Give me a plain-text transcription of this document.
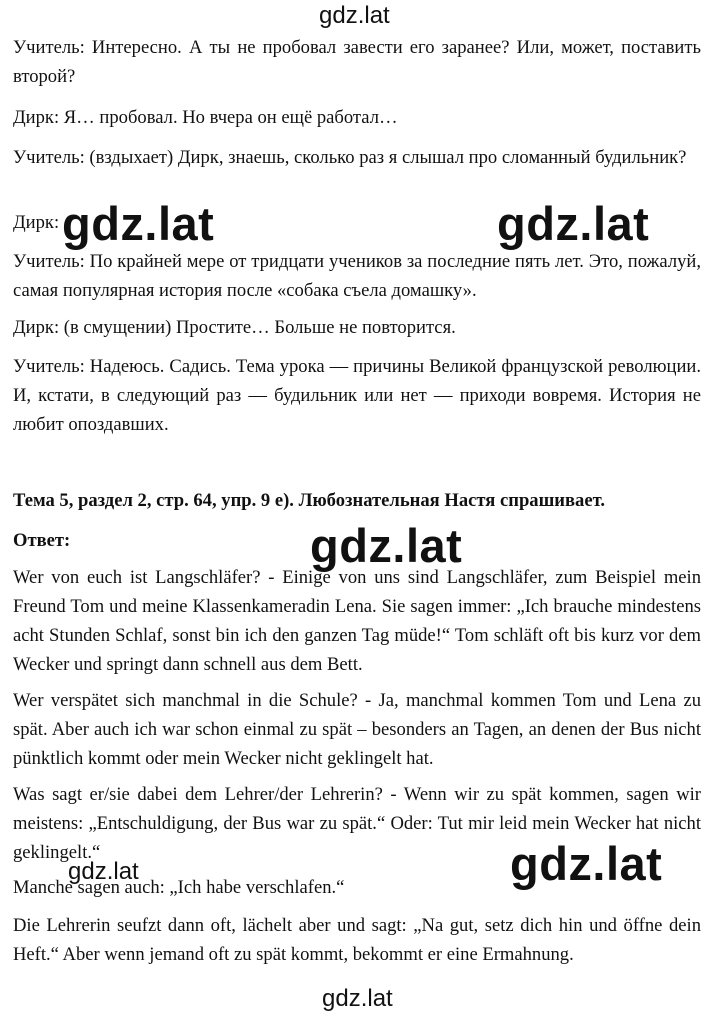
gdz.lat
gdz.lat	gdz.lat
gdz.lat
gdz.lat
gdz.lat
gdz.lat

Учитель: Интересно. А ты не пробовал завести его заранее? Или, может, поставить второй?

Дирк: Я… пробовал. Но вчера он ещё работал…

Учитель: (вздыхает) Дирк, знаешь, сколько раз я слышал про сломанный будильник?

Дирк:

Учитель: По крайней мере от тридцати учеников за последние пять лет. Это, пожалуй, самая популярная история после «собака съела домашку».

Дирк: (в смущении) Простите… Больше не повторится.

Учитель: Надеюсь. Садись. Тема урока — причины Великой французской революции. И, кстати, в следующий раз — будильник или нет — приходи вовремя. История не любит опоздавших.

Тема 5, раздел 2, стр. 64, упр. 9 e). Любознательная Настя спрашивает.

Ответ:

Wer von euch ist Langschläfer? - Einige von uns sind Langschläfer, zum Beispiel mein Freund Tom und meine Klassenkameradin Lena. Sie sagen immer: „Ich brauche mindestens acht Stunden Schlaf, sonst bin ich den ganzen Tag müde!“ Tom schläft oft bis kurz vor dem Wecker und springt dann schnell aus dem Bett.

Wer verspätet sich manchmal in die Schule? - Ja, manchmal kommen Tom und Lena zu spät. Aber auch ich war schon einmal zu spät – besonders an Tagen, an denen der Bus nicht pünktlich kommt oder mein Wecker nicht geklingelt hat.

Was sagt er/sie dabei dem Lehrer/der Lehrerin? - Wenn wir zu spät kommen, sagen wir meistens: „Entschuldigung, der Bus war zu spät.“ Oder: Tut mir leid mein Wecker hat nicht geklingelt.“

Manche sagen auch: „Ich habe verschlafen.“

Die Lehrerin seufzt dann oft, lächelt aber und sagt: „Na gut, setz dich hin und öffne dein Heft.“ Aber wenn jemand oft zu spät kommt, bekommt er eine Ermahnung.
